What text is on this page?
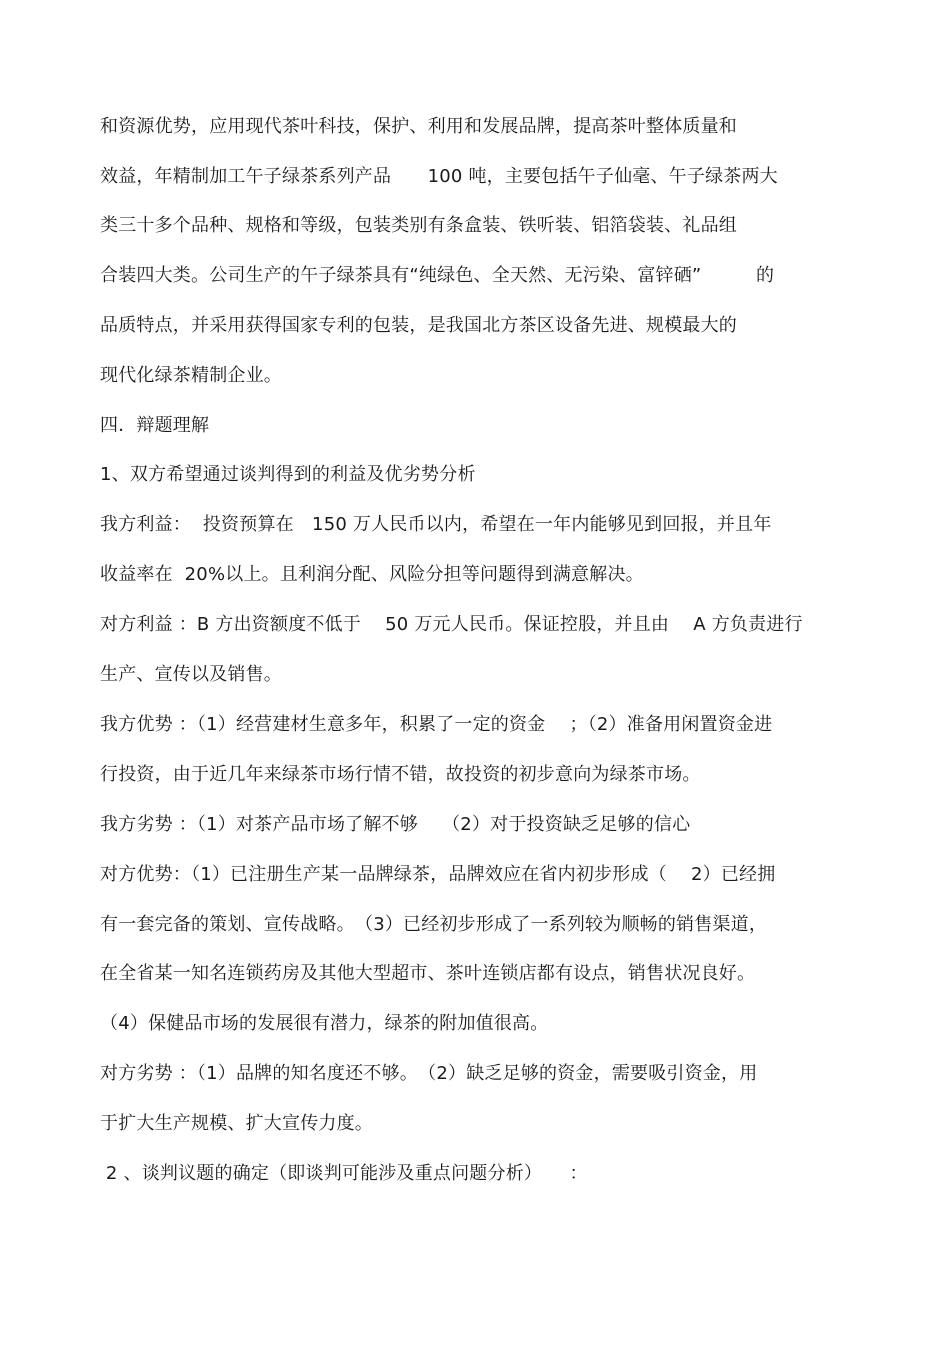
和资源优势，应用现代茶叶科技，保护、利用和发展品牌，提高茶叶整体质量和
效益，年精制加工午子绿茶系列产品　　100 吨，主要包括午子仙毫、午子绿茶两大
类三十多个品种、规格和等级，包装类别有条盒装、铁听装、铝箔袋装、礼品组
合装四大类。公司生产的午子绿茶具有“纯绿色、全天然、无污染、富锌硒”　　　的
品质特点，并采用获得国家专利的包装，是我国北方茶区设备先进、规模最大的
现代化绿茶精制企业。
四．辩题理解
1、双方希望通过谈判得到的利益及优劣势分析
我方利益：  投资预算在　150 万人民币以内，希望在一年内能够见到回报，并且年
收益率在  20%以上。且利润分配、风险分担等问题得到满意解决。
对方利益 ：B 方出资额度不低于　 50 万元人民币。保证控股，并且由　 A 方负责进行
生产、宣传以及销售。
我方优势 ：（1）经营建材生意多年，积累了一定的资金　 ；（2）准备用闲置资金进
行投资，由于近几年来绿茶市场行情不错，故投资的初步意向为绿茶市场。
我方劣势 ：（1）对茶产品市场了解不够　 （2）对于投资缺乏足够的信心
对方优势：（1）已注册生产某一品牌绿茶，品牌效应在省内初步形成（　 2）已经拥
有一套完备的策划、宣传战略。　（3）已经初步形成了一系列较为顺畅的销售渠道，
在全省某一知名连锁药房及其他大型超市、茶叶连锁店都有设点，销售状况良好。
（4）保健品市场的发展很有潜力，绿茶的附加值很高。
对方劣势 ：（1）品牌的知名度还不够。　（2）缺乏足够的资金，需要吸引资金，用
于扩大生产规模、扩大宣传力度。
2 、谈判议题的确定（即谈判可能涉及重点问题分析）　　：
